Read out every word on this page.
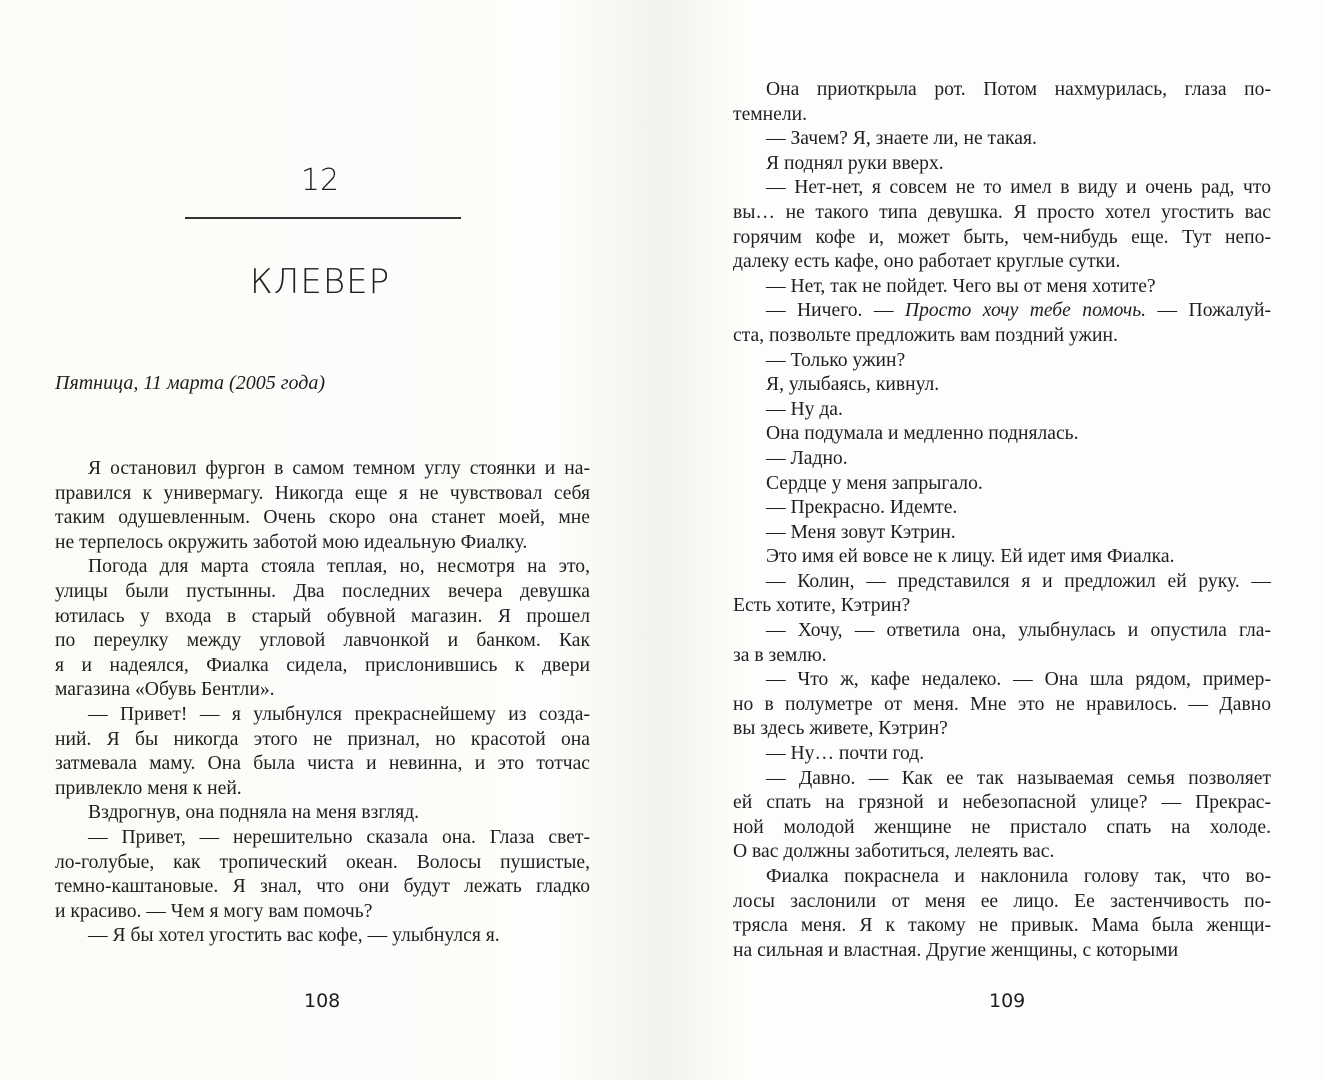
12
КЛЕВЕР
Пятница, 11 марта (2005 года)
Я остановил фургон в самом темном углу стоянки и на-
правился к универмагу. Никогда еще я не чувствовал себя
таким одушевленным. Очень скоро она станет моей, мне
не терпелось окружить заботой мою идеальную Фиалку.
Погода для марта стояла теплая, но, несмотря на это,
улицы были пустынны. Два последних вечера девушка
ютилась у входа в старый обувной магазин. Я прошел
по переулку между угловой лавчонкой и банком. Как
я и надеялся, Фиалка сидела, прислонившись к двери
магазина «Обувь Бентли».
— Привет! — я улыбнулся прекраснейшему из созда-
ний. Я бы никогда этого не признал, но красотой она
затмевала маму. Она была чиста и невинна, и это тотчас
привлекло меня к ней.
Вздрогнув, она подняла на меня взгляд.
— Привет, — нерешительно сказала она. Глаза свет-
ло-голубые, как тропический океан. Волосы пушистые,
темно-каштановые. Я знал, что они будут лежать гладко
и красиво. — Чем я могу вам помочь?
— Я бы хотел угостить вас кофе, — улыбнулся я.
108
Она приоткрыла рот. Потом нахмурилась, глаза по-
темнели.
— Зачем? Я, знаете ли, не такая.
Я поднял руки вверх.
— Нет-нет, я совсем не то имел в виду и очень рад, что
вы… не такого типа девушка. Я просто хотел угостить вас
горячим кофе и, может быть, чем-нибудь еще. Тут непо-
далеку есть кафе, оно работает круглые сутки.
— Нет, так не пойдет. Чего вы от меня хотите?
— Ничего. — Просто хочу тебе помочь. — Пожалуй-
ста, позвольте предложить вам поздний ужин.
— Только ужин?
Я, улыбаясь, кивнул.
— Ну да.
Она подумала и медленно поднялась.
— Ладно.
Сердце у меня запрыгало.
— Прекрасно. Идемте.
— Меня зовут Кэтрин.
Это имя ей вовсе не к лицу. Ей идет имя Фиалка.
— Колин, — представился я и предложил ей руку. —
Есть хотите, Кэтрин?
— Хочу, — ответила она, улыбнулась и опустила гла-
за в землю.
— Что ж, кафе недалеко. — Она шла рядом, пример-
но в полуметре от меня. Мне это не нравилось. — Давно
вы здесь живете, Кэтрин?
— Ну… почти год.
— Давно. — Как ее так называемая семья позволяет
ей спать на грязной и небезопасной улице? — Прекрас-
ной молодой женщине не пристало спать на холоде.
О вас должны заботиться, лелеять вас.
Фиалка покраснела и наклонила голову так, что во-
лосы заслонили от меня ее лицо. Ее застенчивость по-
трясла меня. Я к такому не привык. Мама была женщи-
на сильная и властная. Другие женщины, с которыми
109
